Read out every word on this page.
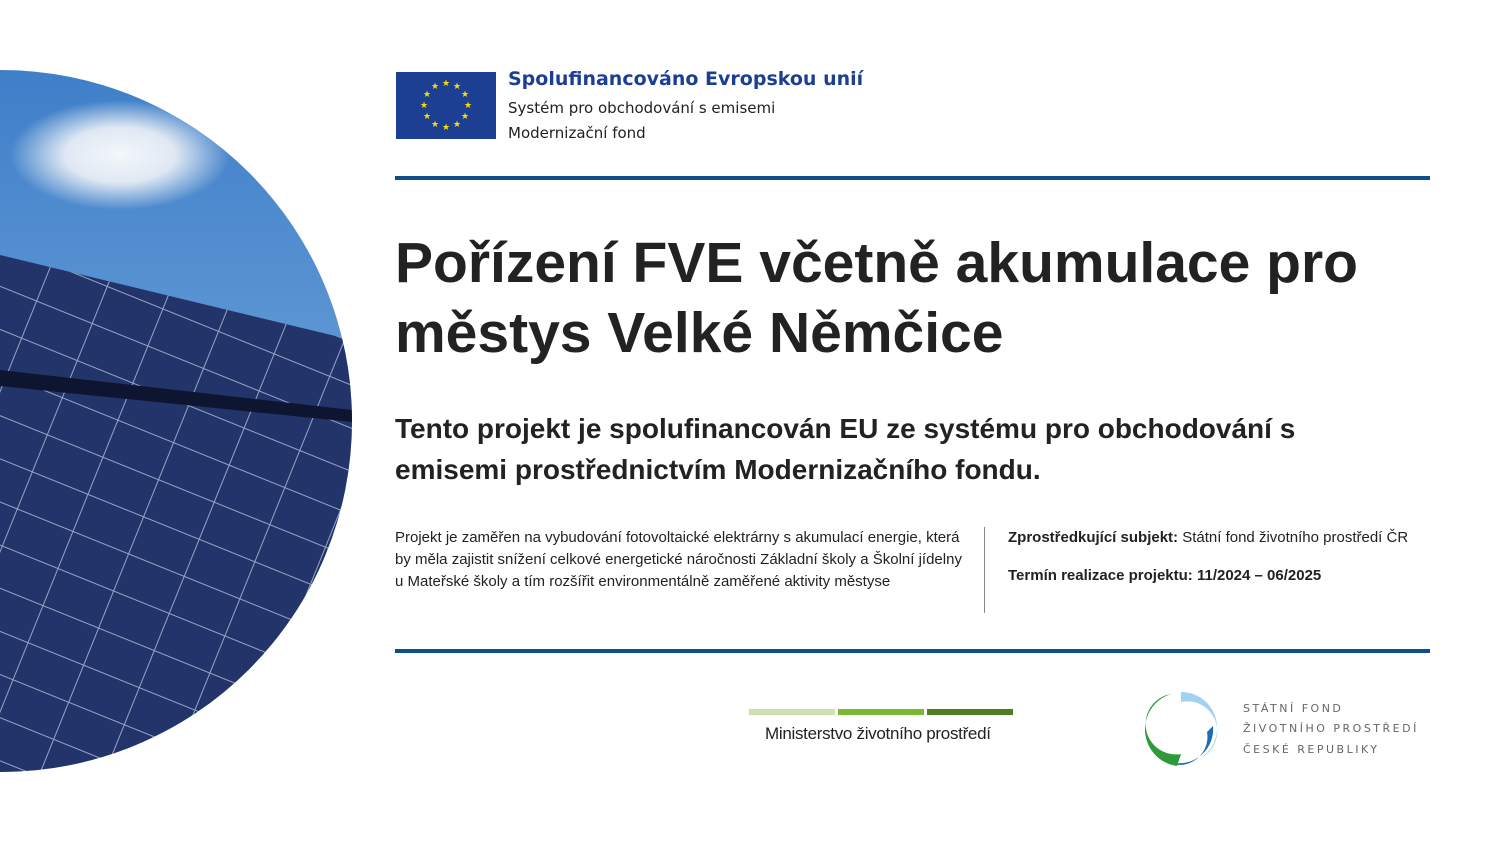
★ ★
★
★
★
★
★
★
★
★
★
★	Spolufinancováno Evropskou unií
Systém pro obchodování s emisemi
Modernizační fond
Pořízení FVE včetně akumulace pro městys Velké Němčice
Tento projekt je spolufinancován EU ze systému pro obchodování s emisemi prostřednictvím Modernizačního fondu.
Projekt je zaměřen na vybudování fotovoltaické elektrárny s akumulací energie, která by měla zajistit snížení celkové energetické náročnosti Základní školy a Školní jídelny u Mateřské školy a tím rozšířit environmentálně zaměřené aktivity městyse
Zprostředkující subjekt: Státní fond životního prostředí ČR
Termín realizace projektu: 11/2024 – 06/2025
Ministerstvo životního prostředí
STÁTNÍ FOND
ŽIVOTNÍHO PROSTŘEDÍ
ČESKÉ REPUBLIKY
